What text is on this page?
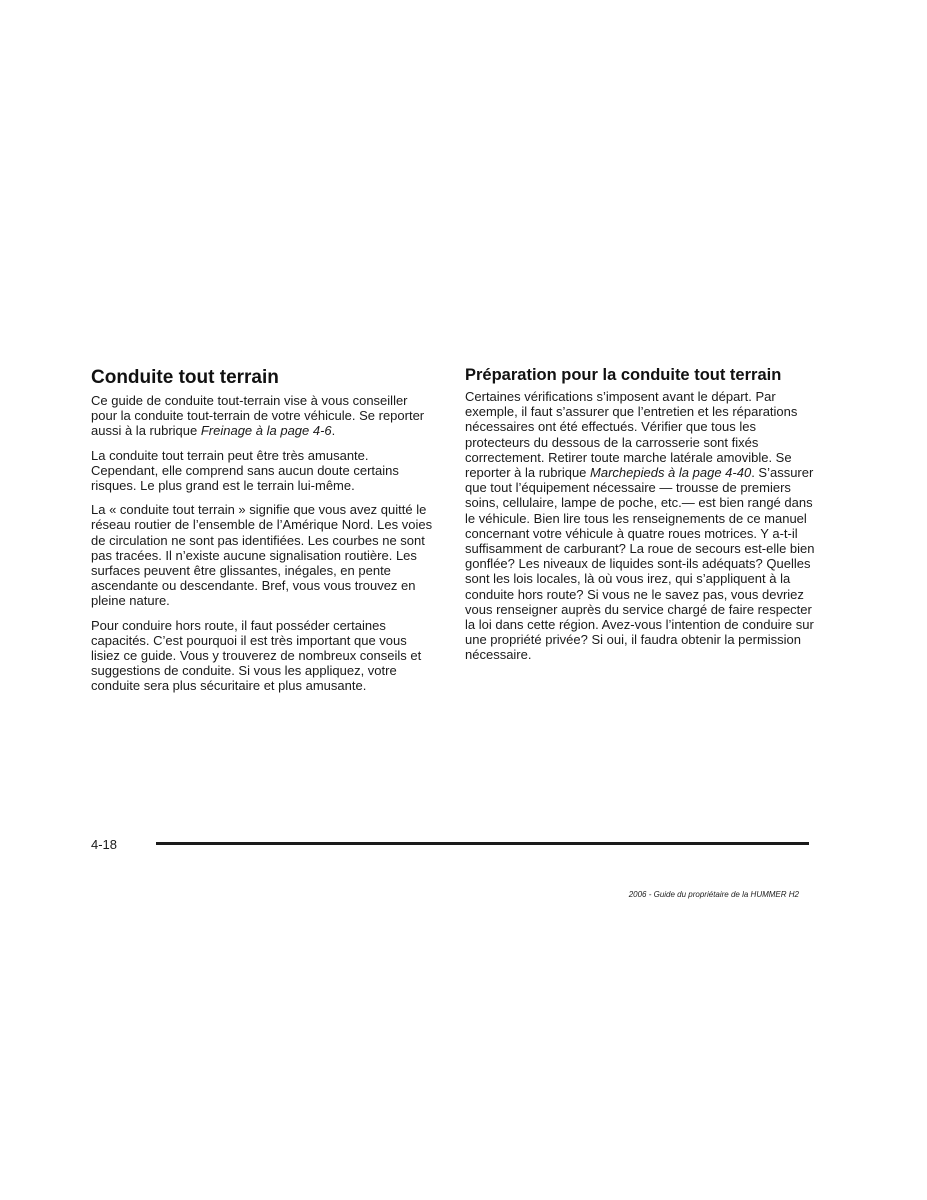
Conduite tout terrain

Ce guide de conduite tout-terrain vise à vous conseiller pour la conduite tout-terrain de votre véhicule. Se reporter aussi à la rubrique Freinage à la page 4-6.

La conduite tout terrain peut être très amusante. Cependant, elle comprend sans aucun doute certains risques. Le plus grand est le terrain lui-même.

La « conduite tout terrain » signifie que vous avez quitté le réseau routier de l’ensemble de l’Amérique Nord. Les voies de circulation ne sont pas identifiées. Les courbes ne sont pas tracées. Il n’existe aucune signalisation routière. Les surfaces peuvent être glissantes, inégales, en pente ascendante ou descendante. Bref, vous vous trouvez en pleine nature.

Pour conduire hors route, il faut posséder certaines capacités. C’est pourquoi il est très important que vous lisiez ce guide. Vous y trouverez de nombreux conseils et suggestions de conduite. Si vous les appliquez, votre conduite sera plus sécuritaire et plus amusante.

Préparation pour la conduite tout terrain

Certaines vérifications s’imposent avant le départ. Par exemple, il faut s’assurer que l’entretien et les réparations nécessaires ont été effectués. Vérifier que tous les protecteurs du dessous de la carrosserie sont fixés correctement. Retirer toute marche latérale amovible. Se reporter à la rubrique Marchepieds à la page 4-40. S’assurer que tout l’équipement nécessaire — trousse de premiers soins, cellulaire, lampe de poche, etc.— est bien rangé dans le véhicule. Bien lire tous les renseignements de ce manuel concernant votre véhicule à quatre roues motrices. Y a-t-il suffisamment de carburant? La roue de secours est-elle bien gonflée? Les niveaux de liquides sont-ils adéquats? Quelles sont les lois locales, là où vous irez, qui s’appliquent à la conduite hors route? Si vous ne le savez pas, vous devriez vous renseigner auprès du service chargé de faire respecter la loi dans cette région. Avez-vous l’intention de conduire sur une propriété privée? Si oui, il faudra obtenir la permission nécessaire.

4-18
2006 - Guide du propriétaire de la HUMMER H2
